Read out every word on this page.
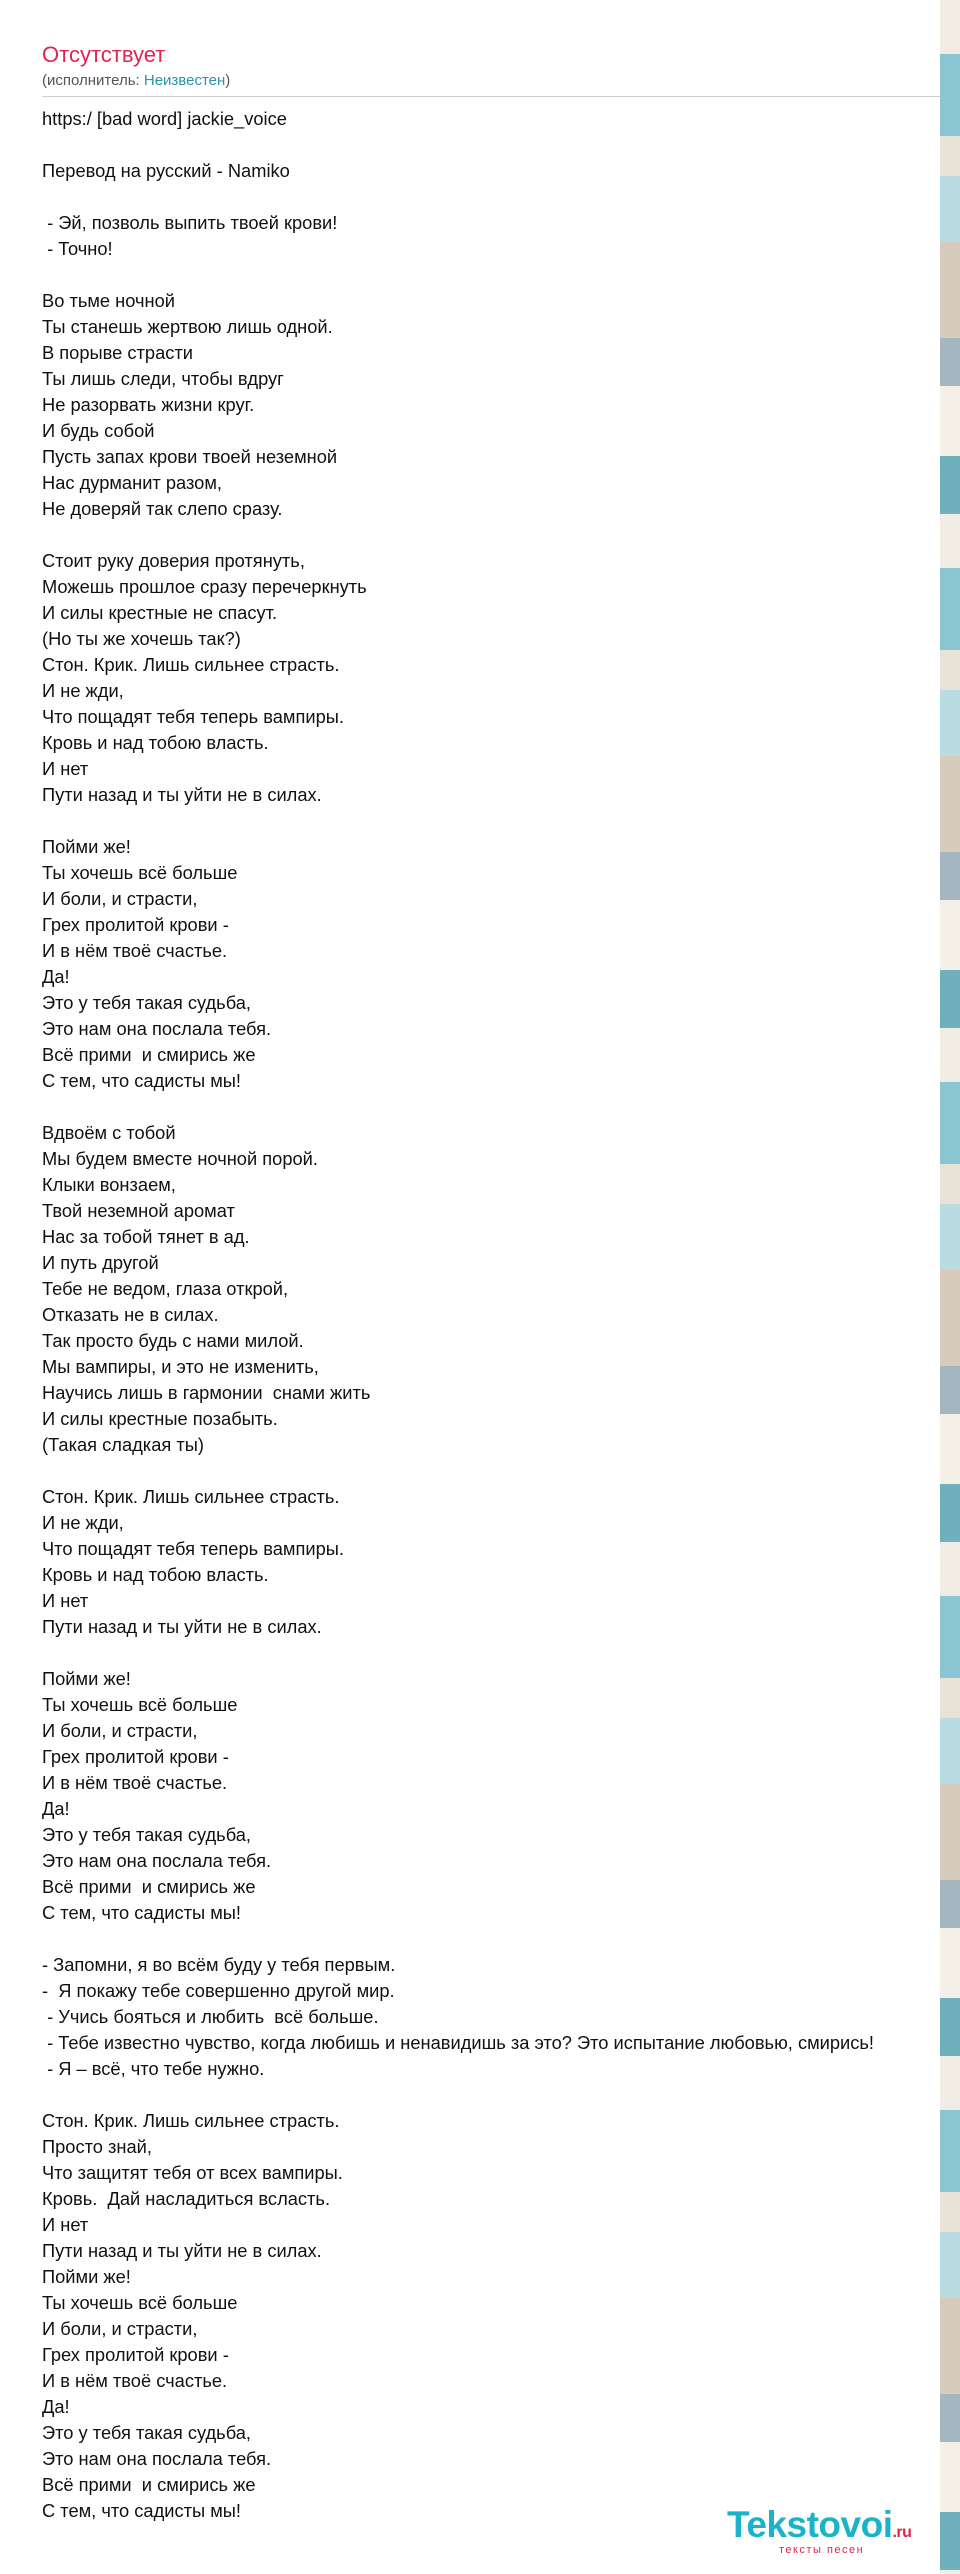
Отсутствует
(исполнитель: Неизвестен)
https:/ [bad word] jackie_voice

Перевод на русский - Namiko

- Эй, позволь выпить твоей крови!
- Точно!

Во тьме ночной
Ты станешь жертвою лишь одной.
В порыве страсти
Ты лишь следи, чтобы вдруг
Не разорвать жизни круг.
И будь собой
Пусть запах крови твоей неземной
Нас дурманит разом,
Не доверяй так слепо сразу.

Стоит руку доверия протянуть,
Можешь прошлое сразу перечеркнуть
И силы крестные не спасут.
(Но ты же хочешь так?)
Стон. Крик. Лишь сильнее страсть.
И не жди,
Что пощадят тебя теперь вампиры.
Кровь и над тобою власть.
И нет
Пути назад и ты уйти не в силах.

Пойми же!
Ты хочешь всё больше
И боли, и страсти,
Грех пролитой крови -
И в нём твоё счастье.
Да!
Это у тебя такая судьба,
Это нам она послала тебя.
Всё прими  и смирись же
С тем, что садисты мы!

Вдвоём с тобой
Мы будем вместе ночной порой.
Клыки вонзаем,
Твой неземной аромат
Нас за тобой тянет в ад.
И путь другой
Тебе не ведом, глаза открой,
Отказать не в силах.
Так просто будь с нами милой.
Мы вампиры, и это не изменить,
Научись лишь в гармонии  снами жить
И силы крестные позабыть.
(Такая сладкая ты)

Стон. Крик. Лишь сильнее страсть.
И не жди,
Что пощадят тебя теперь вампиры.
Кровь и над тобою власть.
И нет
Пути назад и ты уйти не в силах.

Пойми же!
Ты хочешь всё больше
И боли, и страсти,
Грех пролитой крови -
И в нём твоё счастье.
Да!
Это у тебя такая судьба,
Это нам она послала тебя.
Всё прими  и смирись же
С тем, что садисты мы!

- Запомни, я во всём буду у тебя первым.
-  Я покажу тебе совершенно другой мир.
- Учись бояться и любить  всё больше.
- Тебе известно чувство, когда любишь и ненавидишь за это? Это испытание любовью, смирись!
- Я – всё, что тебе нужно.

Стон. Крик. Лишь сильнее страсть.
Просто знай,
Что защитят тебя от всех вампиры.
Кровь.  Дай насладиться всласть.
И нет
Пути назад и ты уйти не в силах.
Пойми же!
Ты хочешь всё больше
И боли, и страсти,
Грех пролитой крови -
И в нём твоё счастье.
Да!
Это у тебя такая судьба,
Это нам она послала тебя.
Всё прими  и смирись же
С тем, что садисты мы!	Tekstovoi.ru
тексты песен
